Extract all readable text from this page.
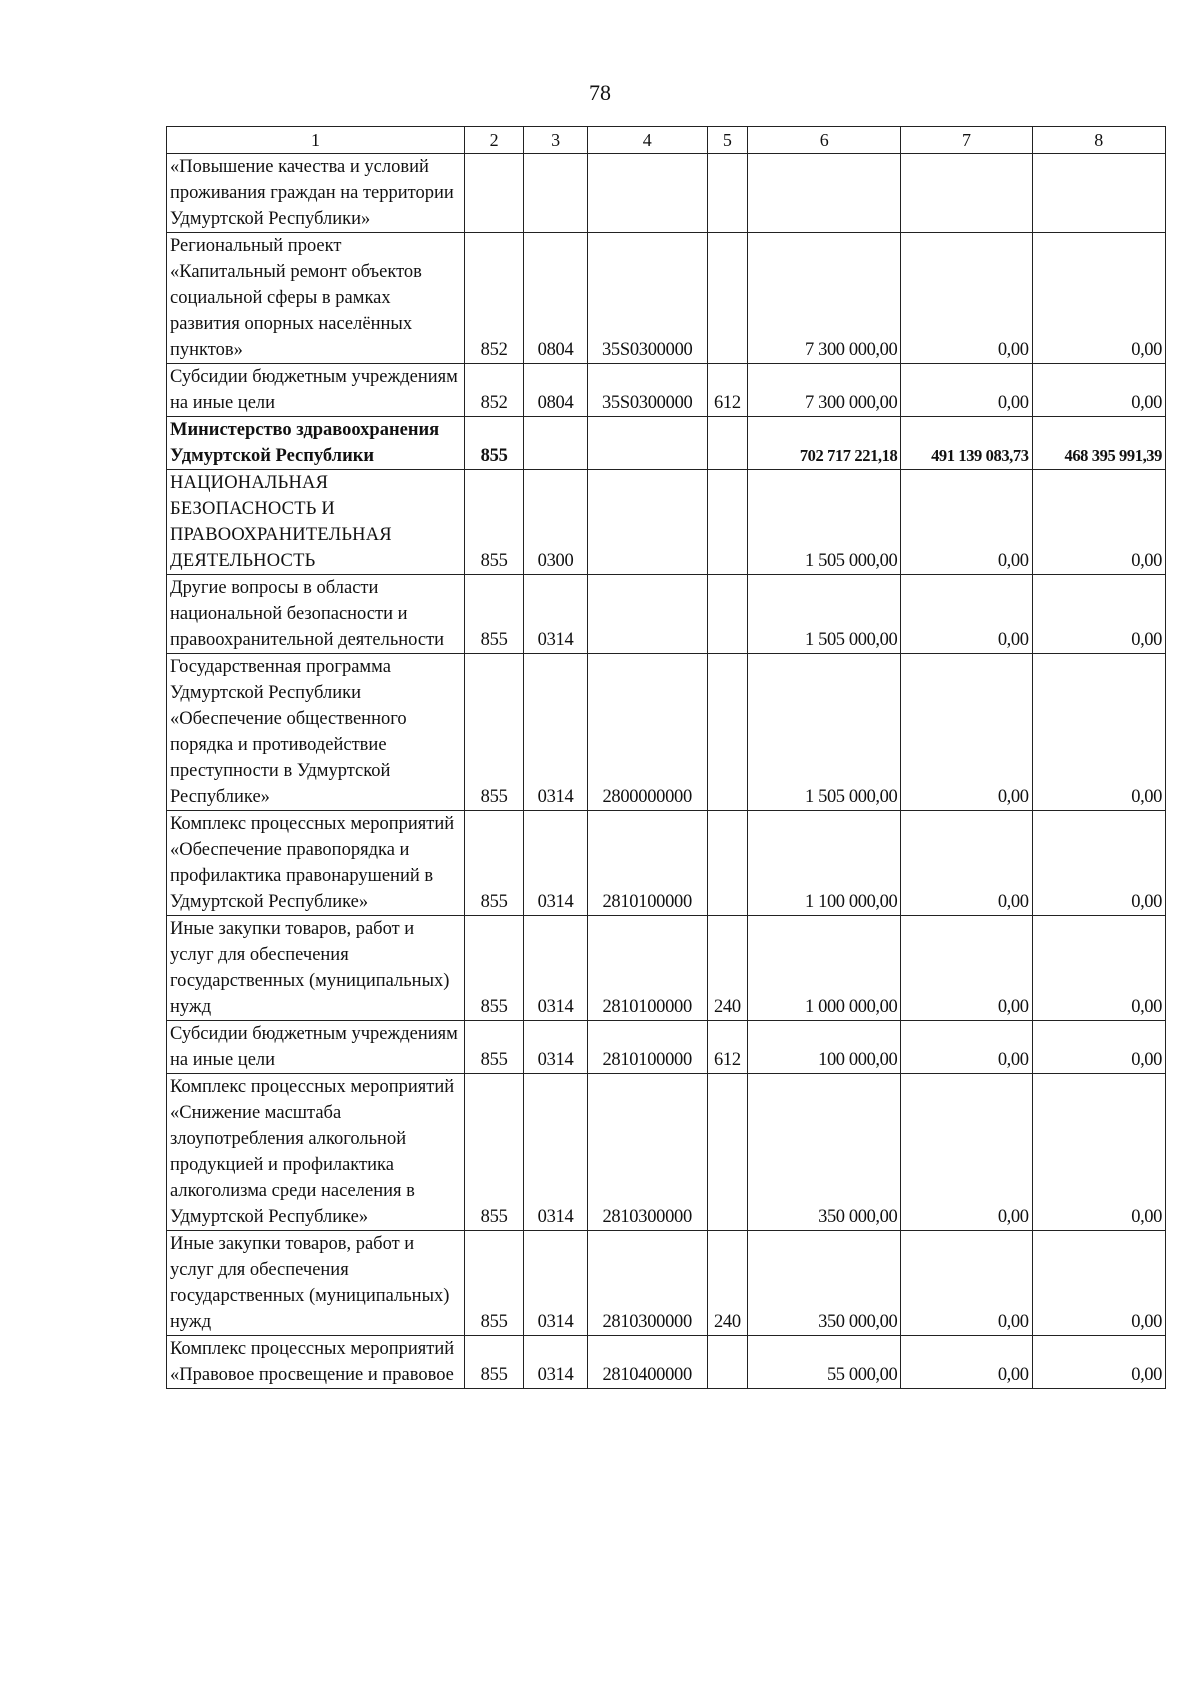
78
1	2	3	4	5	6	7	8
«Повышение качества и условий проживания граждан на территории Удмуртской Республики»							
Региональный проект «Капитальный ремонт объектов социальной сферы в рамках развития опорных населённых пунктов»	852	0804	35S0300000		7 300 000,00	0,00	0,00
Субсидии бюджетным учреждениям на иные цели	852	0804	35S0300000	612	7 300 000,00	0,00	0,00
Министерство здравоохранения Удмуртской Республики	855				702 717 221,18	491 139 083,73	468 395 991,39
НАЦИОНАЛЬНАЯ БЕЗОПАСНОСТЬ И ПРАВООХРАНИТЕЛЬНАЯ ДЕЯТЕЛЬНОСТЬ	855	0300			1 505 000,00	0,00	0,00
Другие вопросы в области национальной безопасности и правоохранительной деятельности	855	0314			1 505 000,00	0,00	0,00
Государственная программа Удмуртской Республики «Обеспечение общественного порядка и противодействие преступности в Удмуртской Республике»	855	0314	2800000000		1 505 000,00	0,00	0,00
Комплекс процессных мероприятий «Обеспечение правопорядка и профилактика правонарушений в Удмуртской Республике»	855	0314	2810100000		1 100 000,00	0,00	0,00
Иные закупки товаров, работ и услуг для обеспечения государственных (муниципальных) нужд	855	0314	2810100000	240	1 000 000,00	0,00	0,00
Субсидии бюджетным учреждениям на иные цели	855	0314	2810100000	612	100 000,00	0,00	0,00
Комплекс процессных мероприятий «Снижение масштаба злоупотребления алкогольной продукцией и профилактика алкоголизма среди населения в Удмуртской Республике»	855	0314	2810300000		350 000,00	0,00	0,00
Иные закупки товаров, работ и услуг для обеспечения государственных (муниципальных) нужд	855	0314	2810300000	240	350 000,00	0,00	0,00
Комплекс процессных мероприятий «Правовое просвещение и правовое	855	0314	2810400000		55 000,00	0,00	0,00
